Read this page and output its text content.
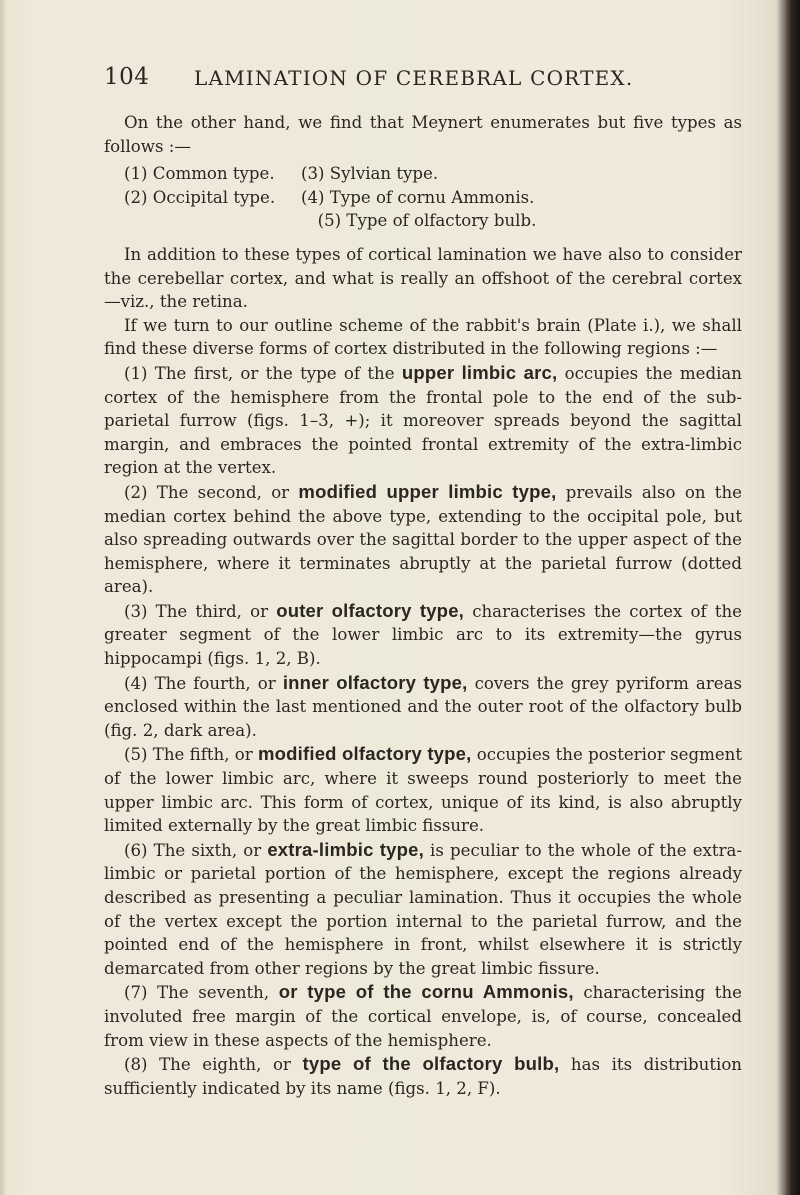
104 LAMINATION OF CEREBRAL CORTEX.

On the other hand, we find that Meynert enumerates but five types as follows :—

(1) Common type.	(3) Sylvian type.
(2) Occipital type.	(4) Type of cornu Ammonis.
(5) Type of olfactory bulb.

In addition to these types of cortical lamination we have also to consider the cerebellar cortex, and what is really an offshoot of the cerebral cortex—viz., the retina.

If we turn to our outline scheme of the rabbit's brain (Plate i.), we shall find these diverse forms of cortex distributed in the following regions :—

(1) The first, or the type of the upper limbic arc, occupies the median cortex of the hemisphere from the frontal pole to the end of the sub-parietal furrow (figs. 1–3, +); it moreover spreads beyond the sagittal margin, and embraces the pointed frontal extremity of the extra-limbic region at the vertex.

(2) The second, or modified upper limbic type, prevails also on the median cortex behind the above type, extending to the occipital pole, but also spreading outwards over the sagittal border to the upper aspect of the hemisphere, where it terminates abruptly at the parietal furrow (dotted area).

(3) The third, or outer olfactory type, characterises the cortex of the greater segment of the lower limbic arc to its extremity—the gyrus hippocampi (figs. 1, 2, B).

(4) The fourth, or inner olfactory type, covers the grey pyriform areas enclosed within the last mentioned and the outer root of the olfactory bulb (fig. 2, dark area).

(5) The fifth, or modified olfactory type, occupies the posterior segment of the lower limbic arc, where it sweeps round posteriorly to meet the upper limbic arc. This form of cortex, unique of its kind, is also abruptly limited externally by the great limbic fissure.

(6) The sixth, or extra-limbic type, is peculiar to the whole of the extra-limbic or parietal portion of the hemisphere, except the regions already described as presenting a peculiar lamination. Thus it occupies the whole of the vertex except the portion internal to the parietal furrow, and the pointed end of the hemisphere in front, whilst elsewhere it is strictly demarcated from other regions by the great limbic fissure.

(7) The seventh, or type of the cornu Ammonis, characterising the involuted free margin of the cortical envelope, is, of course, concealed from view in these aspects of the hemisphere.

(8) The eighth, or type of the olfactory bulb, has its distribution sufficiently indicated by its name (figs. 1, 2, F).
